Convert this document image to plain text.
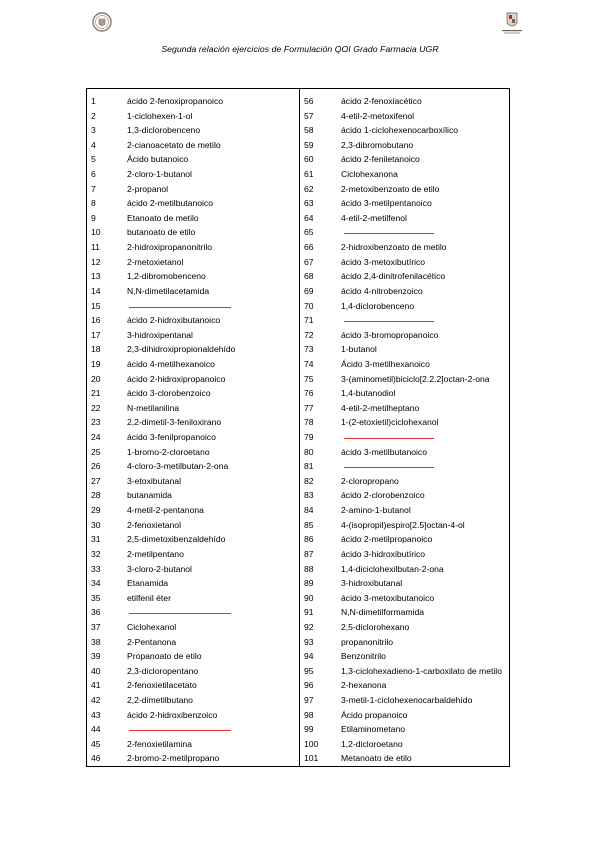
Segunda relación ejercicios de Formulación QOI Grado Farmacia UGR
1	ácido 2-fenoxipropanoico
2	1-ciclohexen-1-ol
3	1,3-diclorobenceno
4	2-cianoacetato de metilo
5	Ácido butanoico
6	2-cloro-1-butanol
7	2-propanol
8	ácido 2-metilbutanoico
9	Etanoato de metilo
10	butanoato de etilo
11	2-hidroxipropanonitrilo
12	2-metoxietanol
13	1,2-dibromobenceno
14	N,N-dimetilacetamida
15
16	ácido 2-hidroxibutanoico
17	3-hidroxipentanal
18	2,3-dihidroxipropionaldehído
19	ácido 4-metilhexanoico
20	ácido 2-hidroxipropanoico
21	ácido 3-clorobenzoico
22	N-metilanilina
23	2,2-dimetil-3-feniloxirano
24	ácido 3-fenilpropanoico
25	1-bromo-2-cloroetano
26	4-cloro-3-metilbutan-2-ona
27	3-etoxibutanal
28	butanamida
29	4-metil-2-pentanona
30	2-fenoxietanol
31	2,5-dimetoxibenzaldehído
32	2-metilpentano
33	3-cloro-2-butanol
34	Etanamida
35	etilfenil éter
36
37	Ciclohexanol
38	2-Pentanona
39	Propanoato de etilo
40	2,3-dicloropentano
41	2-fenoxietilacetato
42	2,2-dimetilbutano
43	ácido 2-hidroxibenzoico
44
45	2-fenoxietilamina
46	2-bromo-2-metilpropano
56	ácido 2-fenoxiacético
57	4-etil-2-metoxifenol
58	ácido 1-ciclohexenocarboxílico
59	2,3-dibromobutano
60	ácido 2-feniletanoico
61	Ciclohexanona
62	2-metoxibenzoato de etilo
63	ácido 3-metilpentanoico
64	4-etil-2-metilfenol
65
66	2-hidroxibenzoato de metilo
67	ácido 3-metoxibutírico
68	ácido 2,4-dinitrofenilacético
69	ácido 4-nitrobenzoico
70	1,4-diclorobenceno
71
72	ácido 3-bromopropanoico
73	1-butanol
74	Ácido 3-metilhexanoico
75	3-(aminometil)biciclo[2.2.2]octan-2-ona
76	1,4-butanodiol
77	4-etil-2-metilheptano
78	1-(2-etoxietil)ciclohexanol
79
80	ácido 3-metilbutanoico
81
82	2-cloropropano
83	ácido 2-clorobenzoico
84	2-amino-1-butanol
85	4-(isopropil)espiro[2.5]octan-4-ol
86	ácido 2-metilpropanoico
87	ácido 3-hidroxibutírico
88	1,4-diciclohexilbutan-2-ona
89	3-hidroxibutanal
90	ácido 3-metoxibutanoico
91	N,N-dimetilformamida
92	2,5-diclorohexano
93	propanonitrilo
94	Benzonitrilo
95	1,3-ciclohexadieno-1-carboxilato de metilo
96	2-hexanona
97	3-metil-1-ciclohexenocarbaldehído
98	Ácido propanoico
99	Etilaminometano
100	1,2-dicloroetano
101	Metanoato de etilo
